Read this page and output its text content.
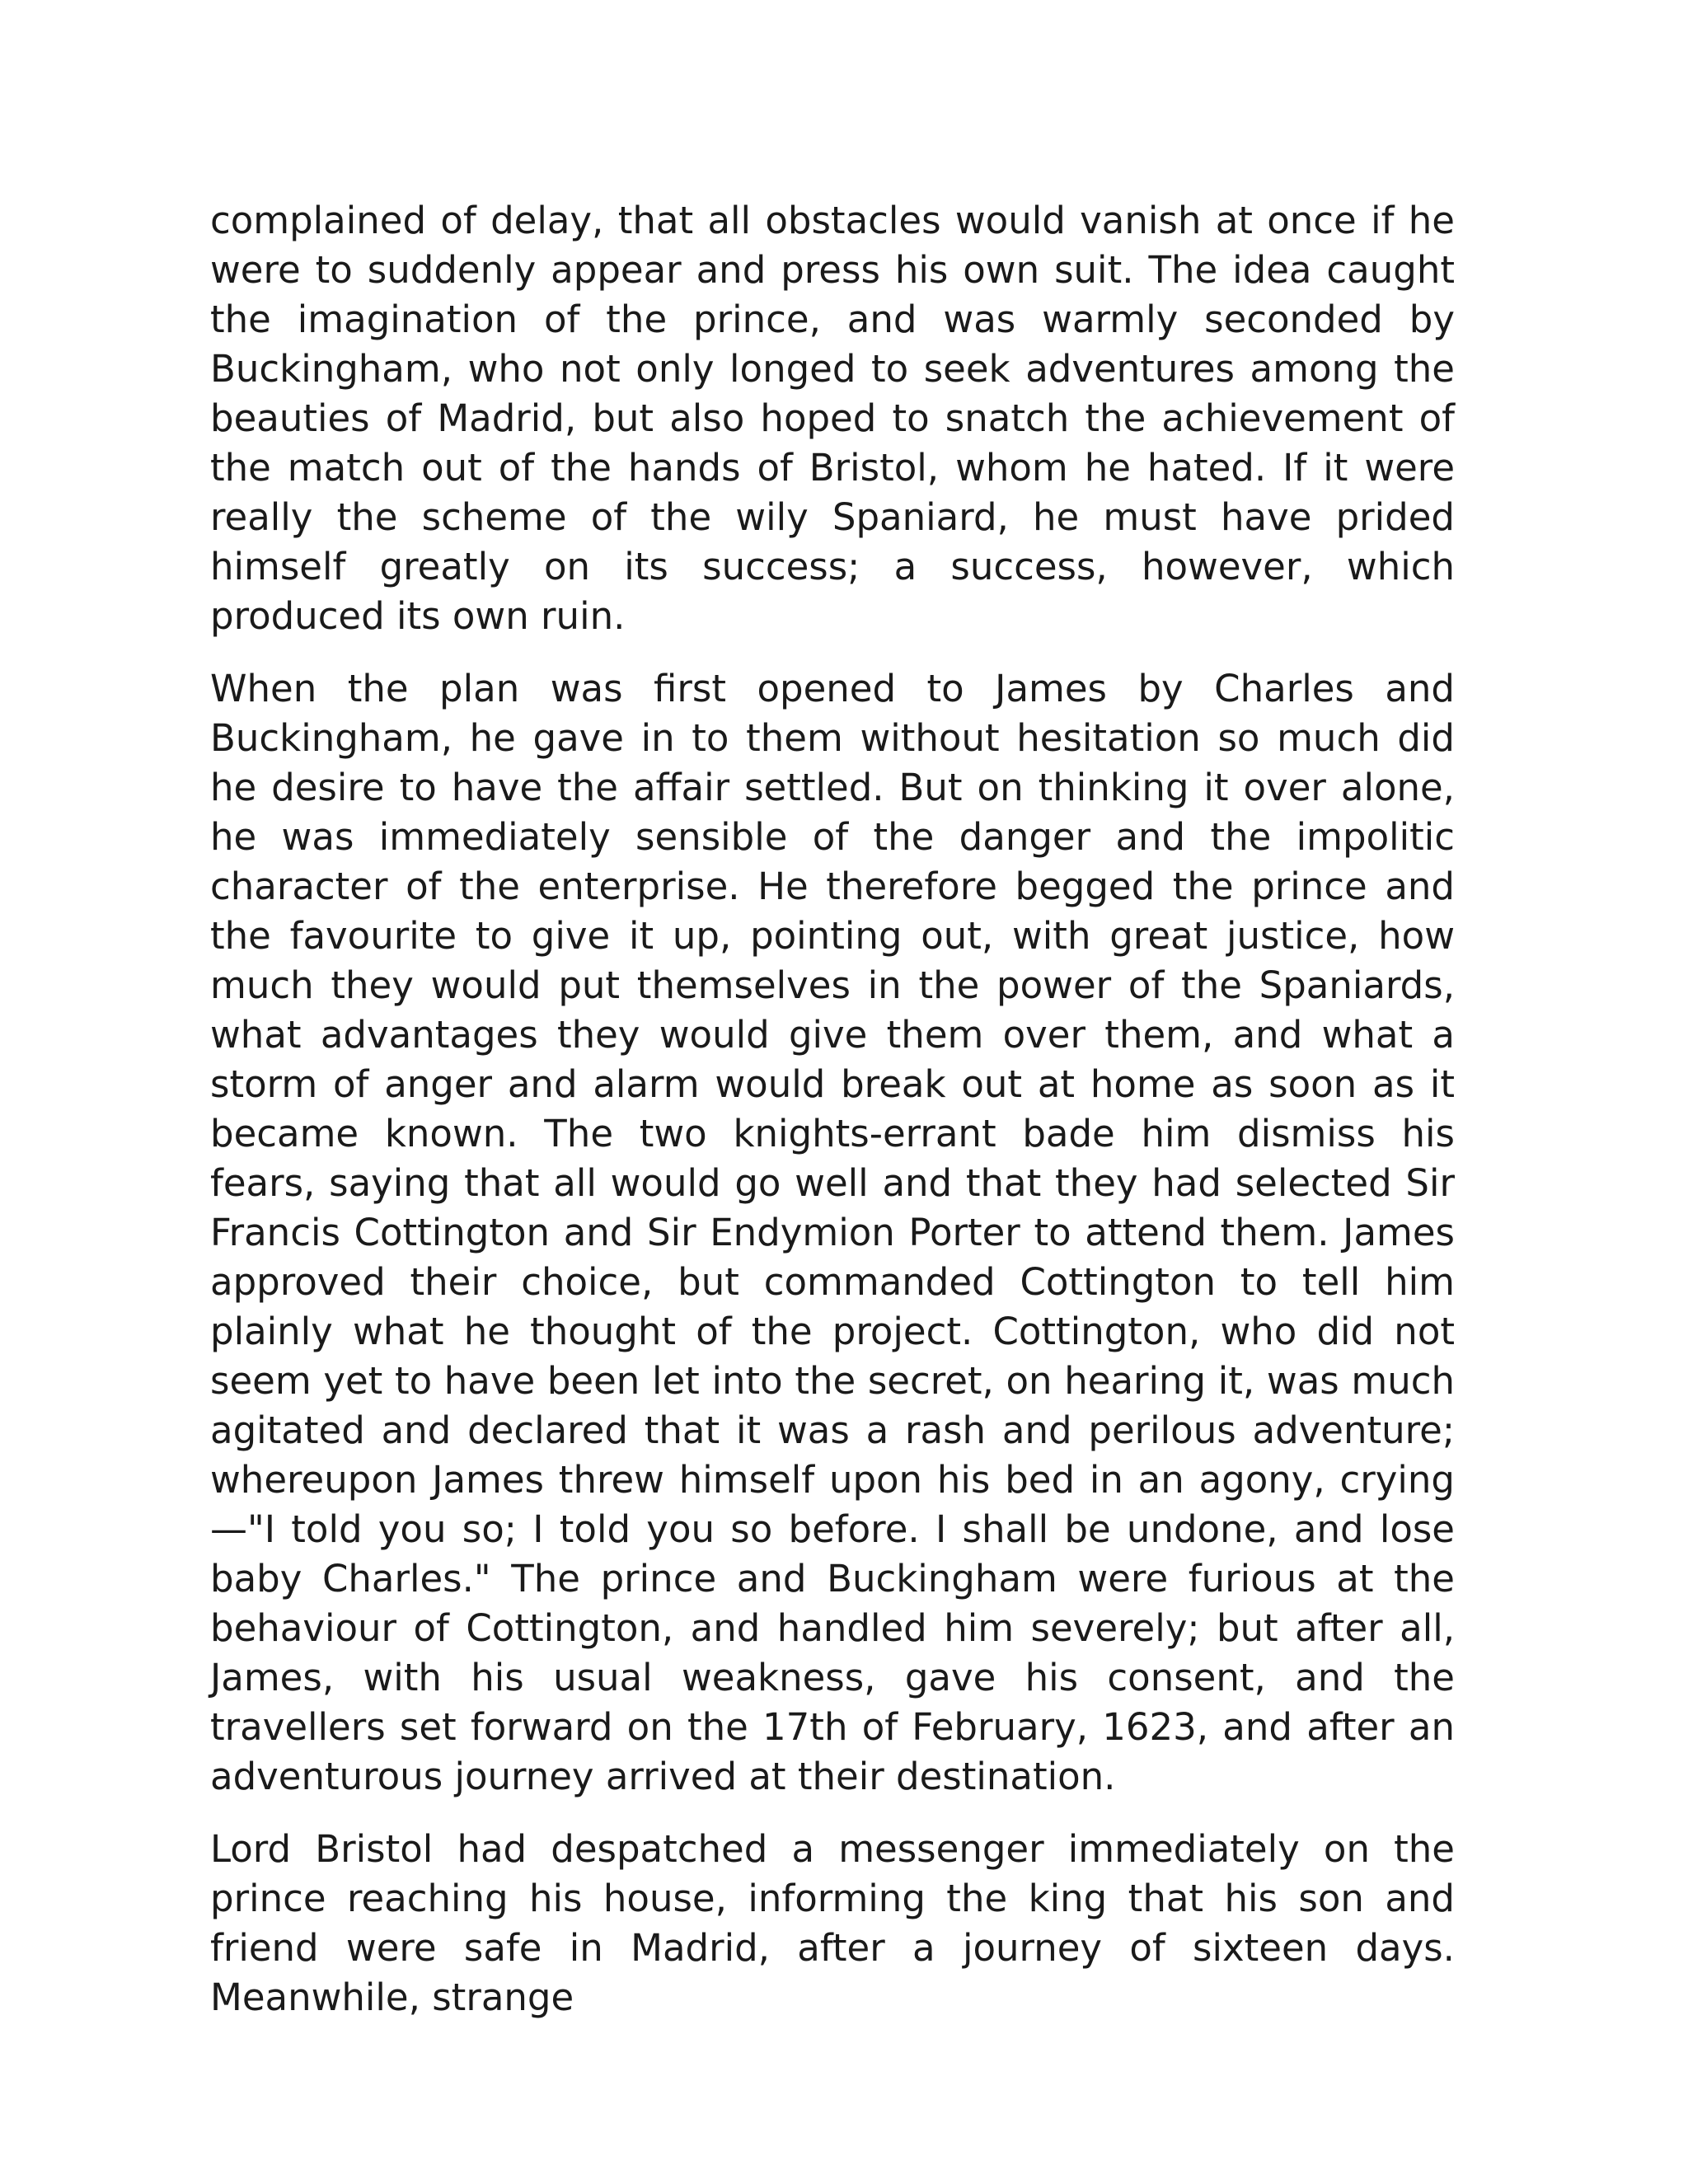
complained of delay, that all obstacles would vanish at once if he were to suddenly appear and press his own suit. The idea caught the imagination of the prince, and was warmly seconded by Buckingham, who not only longed to seek adventures among the beauties of Madrid, but also hoped to snatch the achievement of the match out of the hands of Bristol, whom he hated. If it were really the scheme of the wily Spaniard, he must have prided himself greatly on its success; a success, however, which produced its own ruin.

When the plan was first opened to James by Charles and Buckingham, he gave in to them without hesitation so much did he desire to have the affair settled. But on thinking it over alone, he was immediately sensible of the danger and the impolitic character of the enterprise. He therefore begged the prince and the favourite to give it up, pointing out, with great justice, how much they would put themselves in the power of the Spaniards, what advantages they would give them over them, and what a storm of anger and alarm would break out at home as soon as it became known. The two knights-errant bade him dismiss his fears, saying that all would go well and that they had selected Sir Francis Cottington and Sir Endymion Porter to attend them. James approved their choice, but commanded Cottington to tell him plainly what he thought of the project. Cottington, who did not seem yet to have been let into the secret, on hearing it, was much agitated and declared that it was a rash and perilous adventure; whereupon James threw himself upon his bed in an agony, crying—"I told you so; I told you so before. I shall be undone, and lose baby Charles." The prince and Buckingham were furious at the behaviour of Cottington, and handled him severely; but after all, James, with his usual weakness, gave his consent, and the travellers set forward on the 17th of February, 1623, and after an adventurous journey arrived at their destination.

Lord Bristol had despatched a messenger immediately on the prince reaching his house, informing the king that his son and friend were safe in Madrid, after a journey of sixteen days. Meanwhile, strange
